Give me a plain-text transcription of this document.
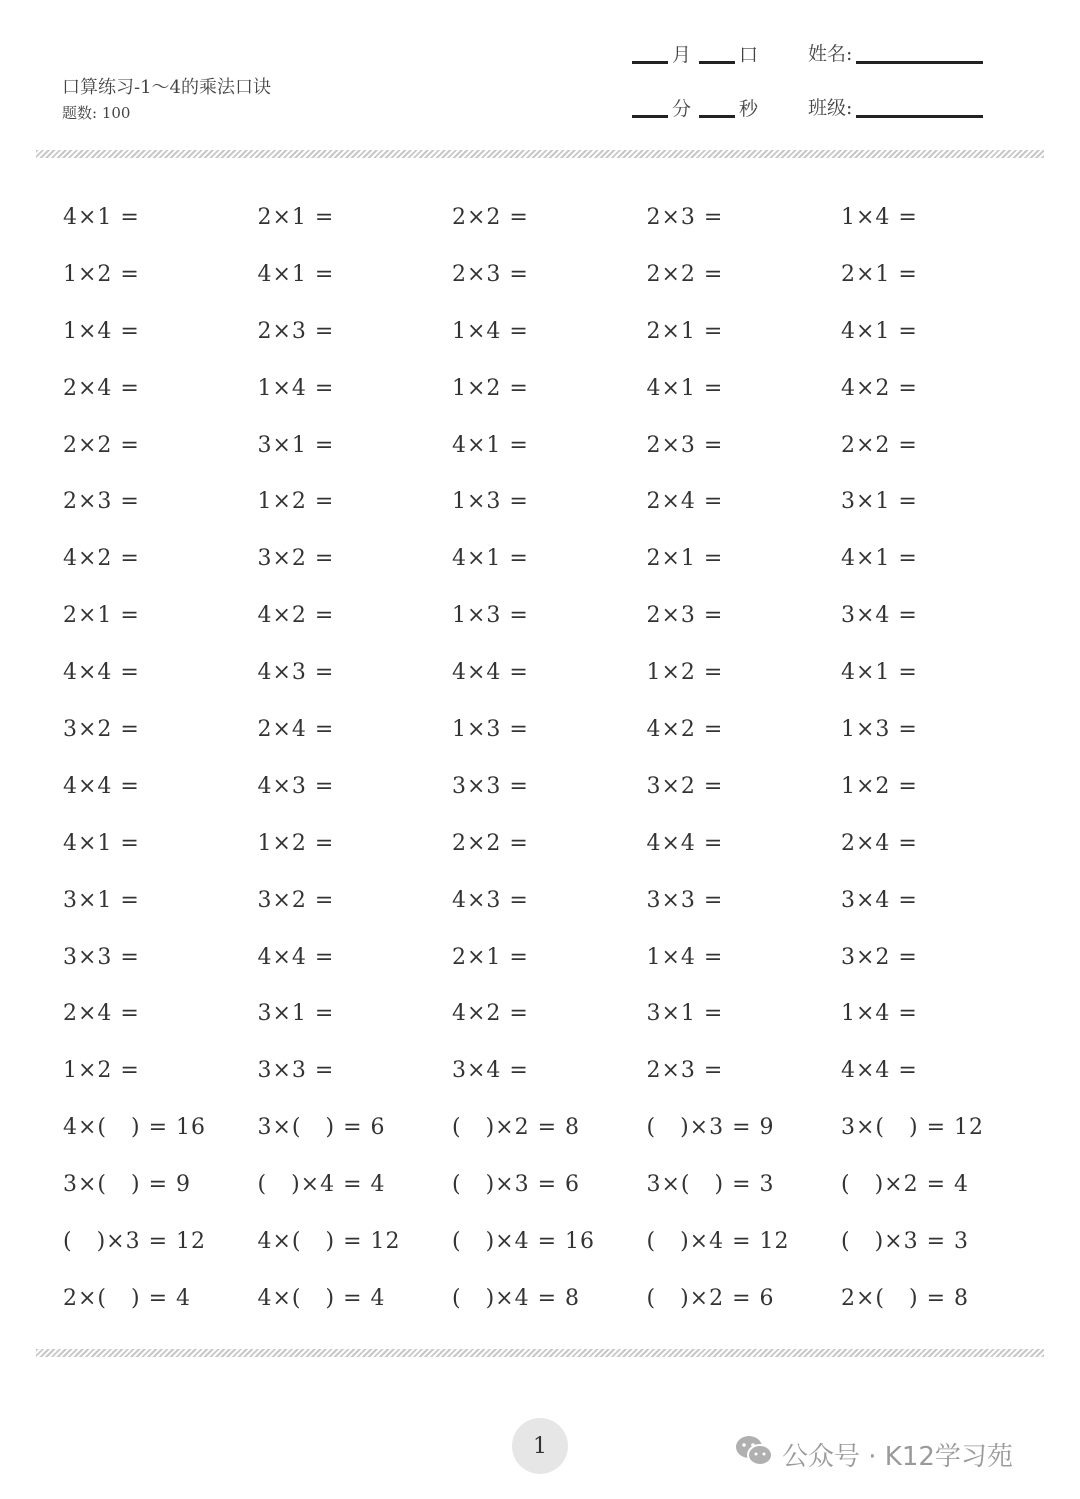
口算练习-1～4的乘法口诀
题数: 100
月	口
分	秒
姓名:
班级:
4×1 =	2×1 =	2×2 =	2×3 =	1×4 =
1×2 =	4×1 =	2×3 =	2×2 =	2×1 =
1×4 =	2×3 =	1×4 =	2×1 =	4×1 =
2×4 =	1×4 =	1×2 =	4×1 =	4×2 =
2×2 =	3×1 =	4×1 =	2×3 =	2×2 =
2×3 =	1×2 =	1×3 =	2×4 =	3×1 =
4×2 =	3×2 =	4×1 =	2×1 =	4×1 =
2×1 =	4×2 =	1×3 =	2×3 =	3×4 =
4×4 =	4×3 =	4×4 =	1×2 =	4×1 =
3×2 =	2×4 =	1×3 =	4×2 =	1×3 =
4×4 =	4×3 =	3×3 =	3×2 =	1×2 =
4×1 =	1×2 =	2×2 =	4×4 =	2×4 =
3×1 =	3×2 =	4×3 =	3×3 =	3×4 =
3×3 =	4×4 =	2×1 =	1×4 =	3×2 =
2×4 =	3×1 =	4×2 =	3×1 =	1×4 =
1×2 =	3×3 =	3×4 =	2×3 =	4×4 =
4×(   ) = 16	3×(   ) = 6	(   )×2 = 8	(   )×3 = 9	3×(   ) = 12
3×(   ) = 9	(   )×4 = 4	(   )×3 = 6	3×(   ) = 3	(   )×2 = 4
(   )×3 = 12	4×(   ) = 12	(   )×4 = 16	(   )×4 = 12	(   )×3 = 3
2×(   ) = 4	4×(   ) = 4	(   )×4 = 8	(   )×2 = 6	2×(   ) = 8
1	公众号 · K12学习苑
